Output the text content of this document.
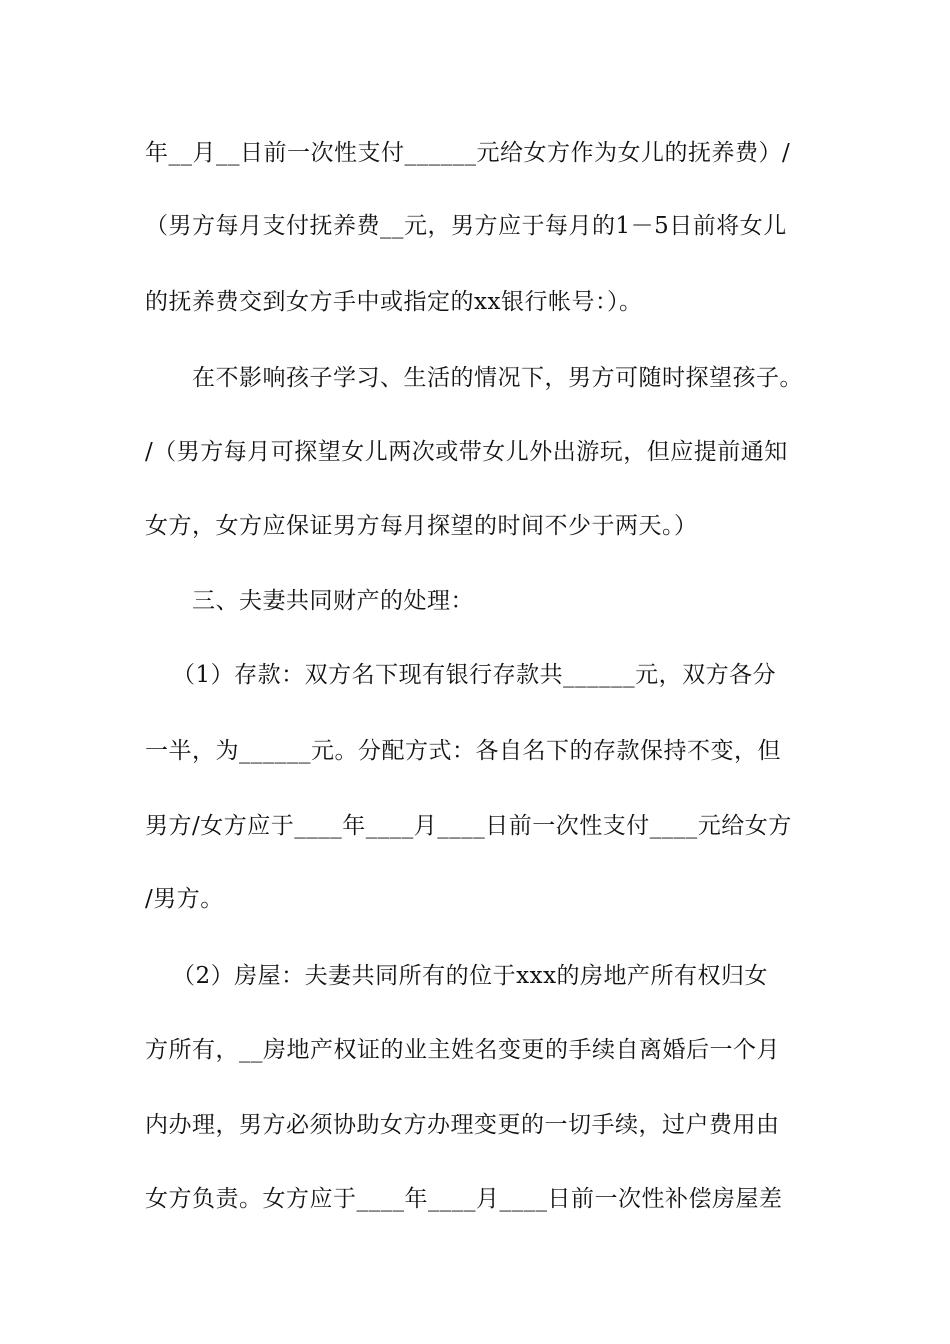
年__月__日前一次性支付______元给女方作为女儿的抚养费）/
（男方每月支付抚养费__元，男方应于每月的1－5日前将女儿
的抚养费交到女方手中或指定的xx银行帐号：）。
在不影响孩子学习、生活的情况下，男方可随时探望孩子。
/（男方每月可探望女儿两次或带女儿外出游玩，但应提前通知
女方，女方应保证男方每月探望的时间不少于两天。）
三、夫妻共同财产的处理：
（1）存款：双方名下现有银行存款共______元，双方各分
一半，为______元。分配方式：各自名下的存款保持不变，但
男方/女方应于____年____月____日前一次性支付____元给女方
/男方。
（2）房屋：夫妻共同所有的位于xxx的房地产所有权归女
方所有，__房地产权证的业主姓名变更的手续自离婚后一个月
内办理，男方必须协助女方办理变更的一切手续，过户费用由
女方负责。女方应于____年____月____日前一次性补偿房屋差
